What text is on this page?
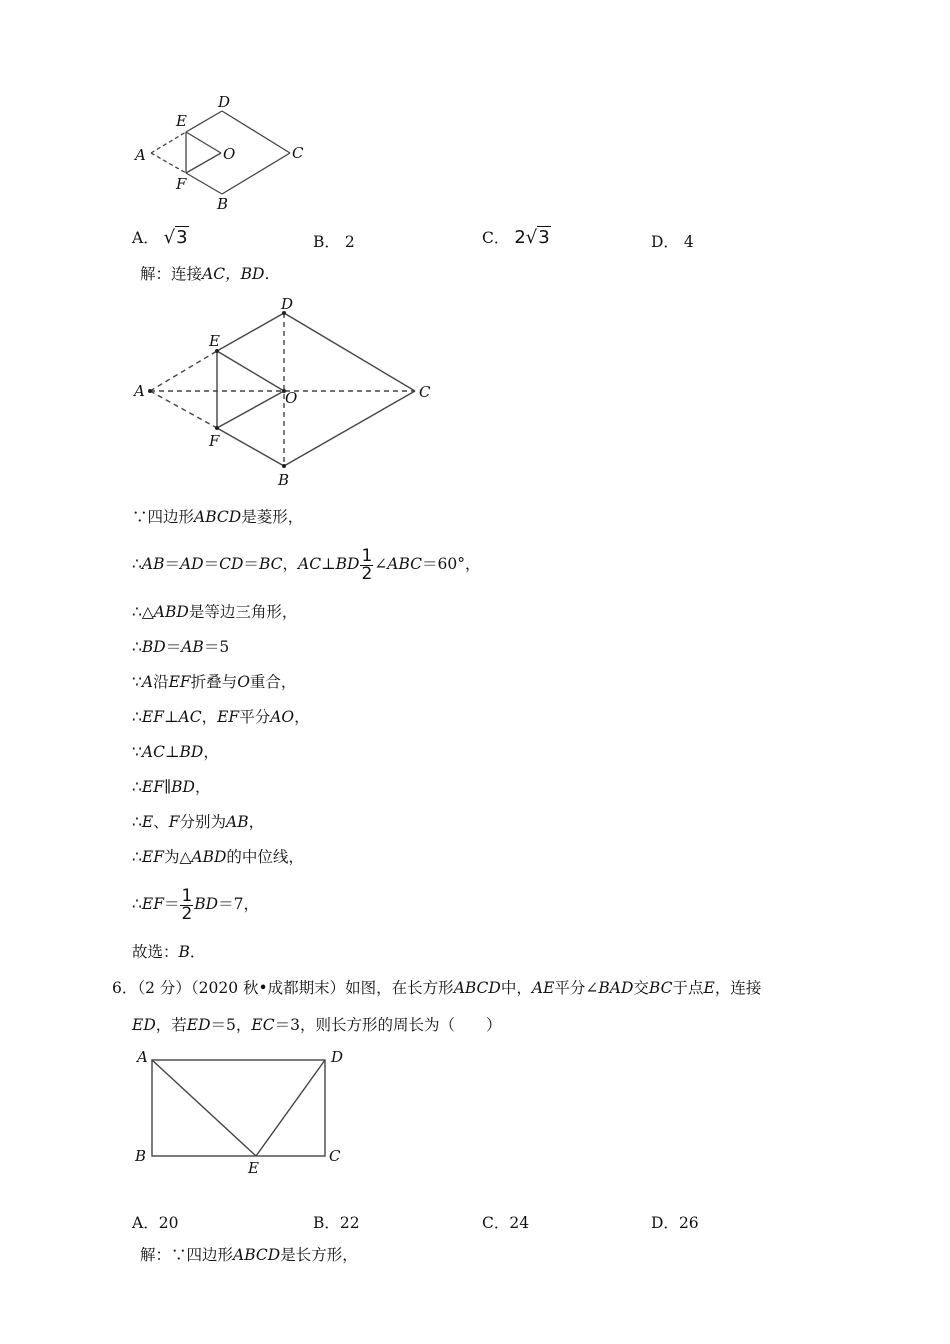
D
E
A	O	C
F
B
A． √3	B． 2	C． 2√3	D． 4
解：连接AC，BD．
D
E
A	O	C
F
B
∵四边形ABCD是菱形，
∴AB＝AD＝CD＝BC，AC⊥BD $\frac{1}{2}$ ∠ABC＝60°，
∴△ABD是等边三角形，
∴BD＝AB＝5
∵A沿EF折叠与O重合，
∴EF⊥AC，EF平分AO，
∵AC⊥BD，
∴EF∥BD，
∴E、F分别为AB，
∴EF为△ABD的中位线，
∴EF＝ $\frac{1}{2} BD=7$，
故选：B．
6．（2 分）（2020 秋•成都期末）如图，在长方形ABCD中，AE平分∠BAD交BC于点E，连接
ED，若ED＝5，EC＝3，则长方形的周长为（　　）
A	D
B	C
E
A．20	B．22	C．24	D．26
解：∵四边形ABCD是长方形，
